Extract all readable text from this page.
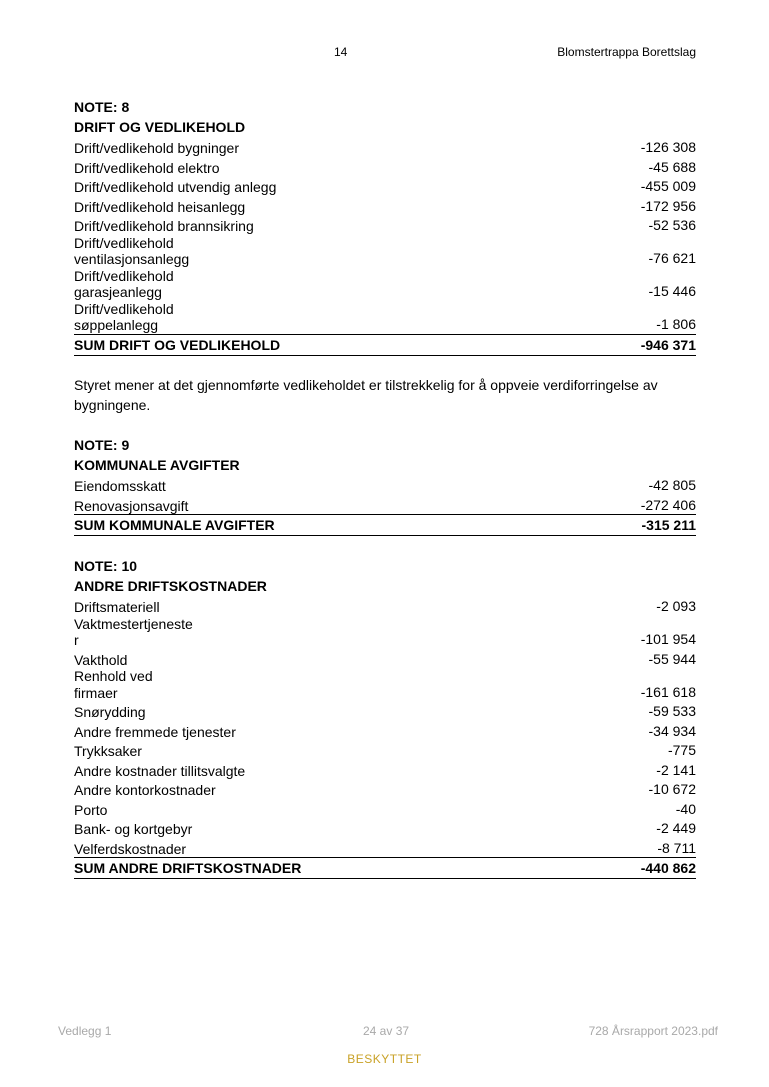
14	Blomstertrappa Borettslag
NOTE: 8
DRIFT OG VEDLIKEHOLD
Drift/vedlikehold bygninger	-126 308
Drift/vedlikehold elektro	-45 688
Drift/vedlikehold utvendig anlegg	-455 009
Drift/vedlikehold heisanlegg	-172 956
Drift/vedlikehold brannsikring	-52 536
Drift/vedlikehold
ventilasjonsanlegg	-76 621
Drift/vedlikehold
garasjeanlegg	-15 446
Drift/vedlikehold
søppelanlegg	-1 806
SUM DRIFT OG VEDLIKEHOLD	-946 371
Styret mener at det gjennomførte vedlikeholdet er tilstrekkelig for å oppveie verdiforringelse av bygningene.
NOTE: 9
KOMMUNALE AVGIFTER
Eiendomsskatt	-42 805
Renovasjonsavgift	-272 406
SUM KOMMUNALE AVGIFTER	-315 211
NOTE: 10
ANDRE DRIFTSKOSTNADER
Driftsmateriell	-2 093
Vaktmestertjeneste
r	-101 954
Vakthold	-55 944
Renhold ved
firmaer	-161 618
Snørydding	-59 533
Andre fremmede tjenester	-34 934
Trykksaker	-775
Andre kostnader tillitsvalgte	-2 141
Andre kontorkostnader	-10 672
Porto	-40
Bank- og kortgebyr	-2 449
Velferdskostnader	-8 711
SUM ANDRE DRIFTSKOSTNADER	-440 862
Vedlegg 1	24 av 37	728 Årsrapport 2023.pdf
BESKYTTET
